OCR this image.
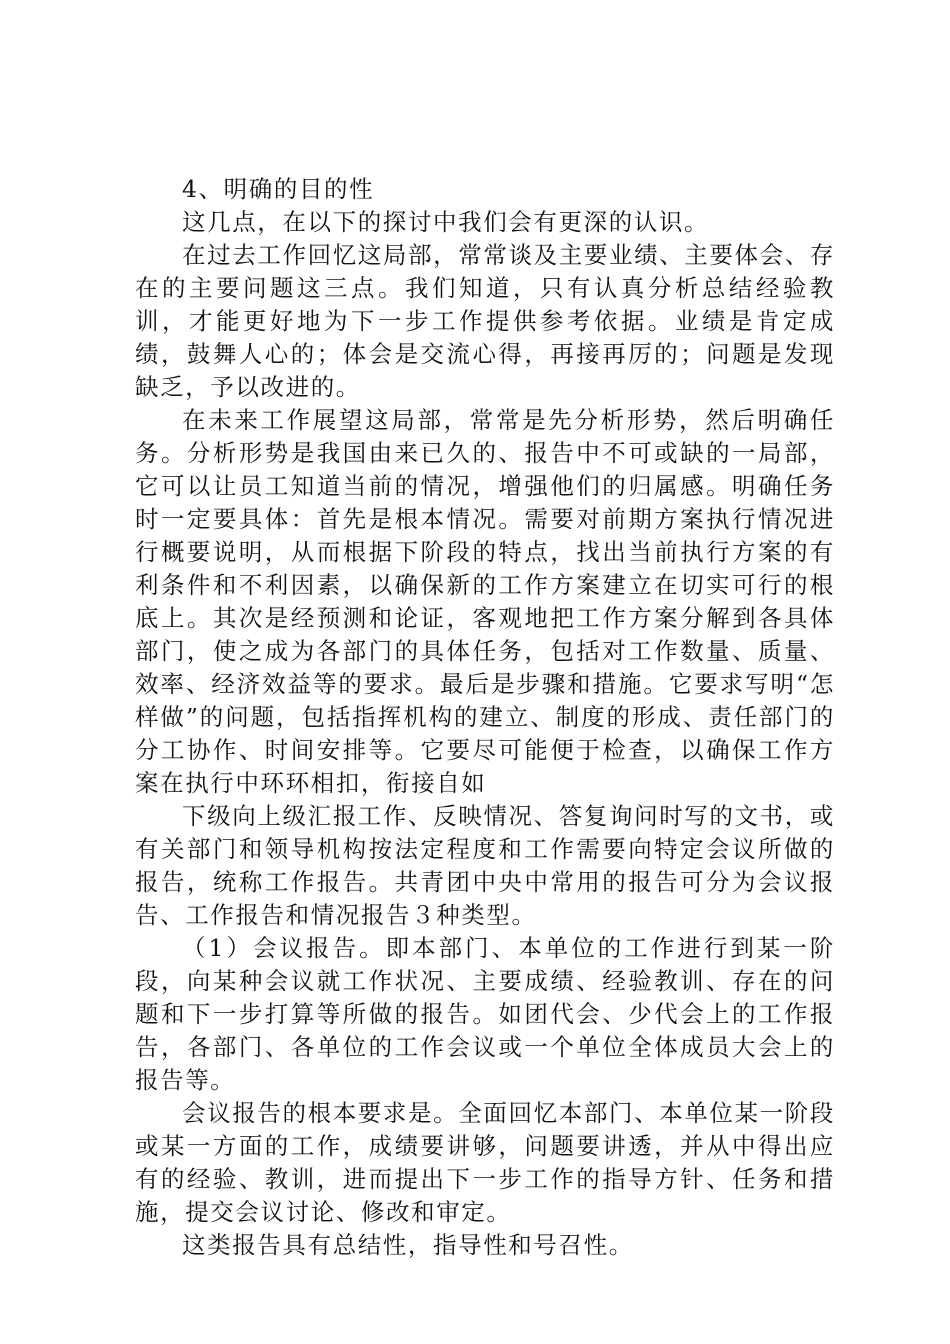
4、明确的目的性

这几点，在以下的探讨中我们会有更深的认识。

在过去工作回忆这局部，常常谈及主要业绩、主要体会、存在的主要问题这三点。我们知道，只有认真分析总结经验教训，才能更好地为下一步工作提供参考依据。业绩是肯定成绩，鼓舞人心的；体会是交流心得，再接再厉的；问题是发现缺乏，予以改进的。

在未来工作展望这局部，常常是先分析形势，然后明确任务。分析形势是我国由来已久的、报告中不可或缺的一局部，它可以让员工知道当前的情况，增强他们的归属感。明确任务时一定要具体：首先是根本情况。需要对前期方案执行情况进行概要说明，从而根据下阶段的特点，找出当前执行方案的有利条件和不利因素，以确保新的工作方案建立在切实可行的根底上。其次是经预测和论证，客观地把工作方案分解到各具体部门，使之成为各部门的具体任务，包括对工作数量、质量、效率、经济效益等的要求。最后是步骤和措施。它要求写明“怎样做”的问题，包括指挥机构的建立、制度的形成、责任部门的分工协作、时间安排等。它要尽可能便于检查，以确保工作方案在执行中环环相扣，衔接自如

下级向上级汇报工作、反映情况、答复询问时写的文书，或有关部门和领导机构按法定程度和工作需要向特定会议所做的报告，统称工作报告。共青团中央中常用的报告可分为会议报告、工作报告和情况报告３种类型。

（1）会议报告。即本部门、本单位的工作进行到某一阶段，向某种会议就工作状况、主要成绩、经验教训、存在的问题和下一步打算等所做的报告。如团代会、少代会上的工作报告，各部门、各单位的工作会议或一个单位全体成员大会上的报告等。

会议报告的根本要求是。全面回忆本部门、本单位某一阶段或某一方面的工作，成绩要讲够，问题要讲透，并从中得出应有的经验、教训，进而提出下一步工作的指导方针、任务和措施，提交会议讨论、修改和审定。

这类报告具有总结性，指导性和号召性。
